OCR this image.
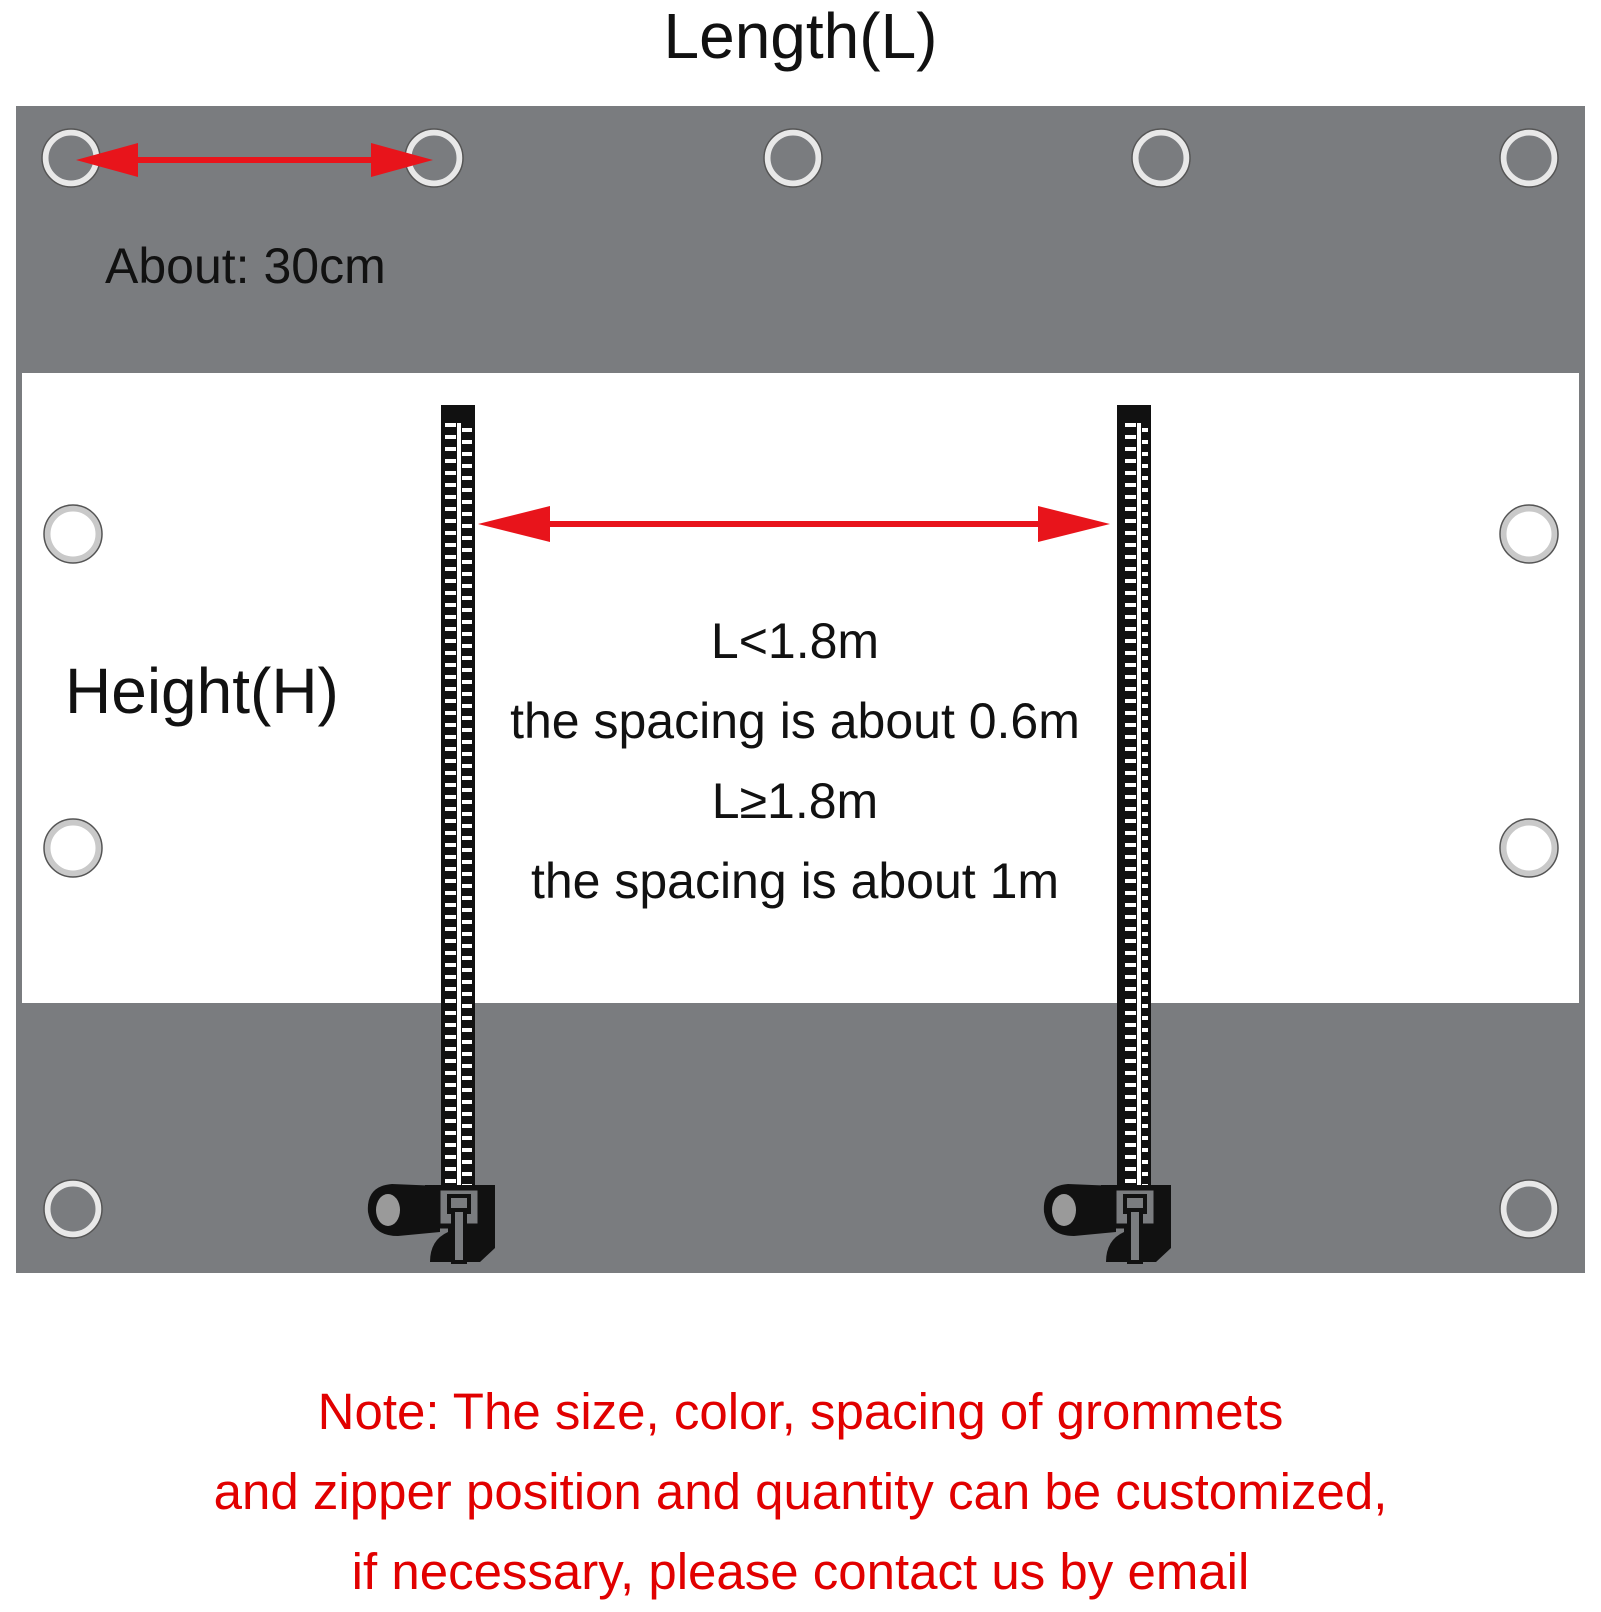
Length(L)
About: 30cm
Height(H)
L<1.8m
the spacing is about 0.6m
L≥1.8m
the spacing is about 1m
Note: The size, color, spacing of grommets
and zipper position and quantity can be customized,
if necessary, please contact us by email
